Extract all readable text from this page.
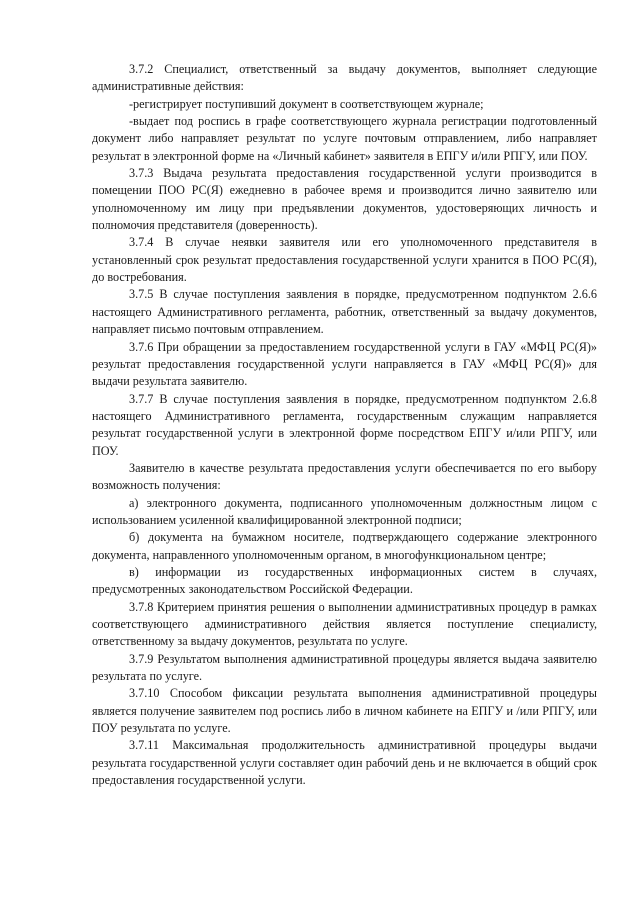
3.7.2 Специалист, ответственный за выдачу документов, выполняет следующие административные действия:

-регистрирует поступивший документ в соответствующем журнале;

-выдает под роспись в графе соответствующего журнала регистрации подготовленный документ либо направляет результат по услуге почтовым отправлением, либо направляет результат в электронной форме на «Личный кабинет» заявителя в ЕПГУ и/или РПГУ, или ПОУ.

3.7.3 Выдача результата предоставления государственной услуги производится в помещении ПОО РС(Я) ежедневно в рабочее время и производится лично заявителю или уполномоченному им лицу при предъявлении документов, удостоверяющих личность и полномочия представителя (доверенность).

3.7.4 В случае неявки заявителя или его уполномоченного представителя в установленный срок результат предоставления государственной услуги хранится в ПОО РС(Я), до востребования.

3.7.5 В случае поступления заявления в порядке, предусмотренном подпунктом 2.6.6 настоящего Административного регламента, работник, ответственный за выдачу документов, направляет письмо почтовым отправлением.

3.7.6 При обращении за предоставлением государственной услуги в ГАУ «МФЦ РС(Я)» результат предоставления государственной услуги направляется в ГАУ «МФЦ РС(Я)» для выдачи результата заявителю.

3.7.7 В случае поступления заявления в порядке, предусмотренном подпунктом 2.6.8 настоящего Административного регламента, государственным служащим направляется результат государственной услуги в электронной форме посредством ЕПГУ и/или РПГУ, или ПОУ.

Заявителю в качестве результата предоставления услуги обеспечивается по его выбору возможность получения:

а) электронного документа, подписанного уполномоченным должностным лицом с использованием усиленной квалифицированной электронной подписи;

б) документа на бумажном носителе, подтверждающего содержание электронного документа, направленного уполномоченным органом, в многофункциональном центре;

в) информации из государственных информационных систем в случаях, предусмотренных законодательством Российской Федерации.

3.7.8 Критерием принятия решения о выполнении административных процедур в рамках соответствующего административного действия является поступление специалисту, ответственному за выдачу документов, результата по услуге.

3.7.9 Результатом выполнения административной процедуры является выдача заявителю результата по услуге.

3.7.10 Способом фиксации результата выполнения административной процедуры является получение заявителем под роспись либо в личном кабинете на ЕПГУ и /или РПГУ, или ПОУ результата по услуге.

3.7.11 Максимальная продолжительность административной процедуры выдачи результата государственной услуги составляет один рабочий день и не включается в общий срок предоставления государственной услуги.
